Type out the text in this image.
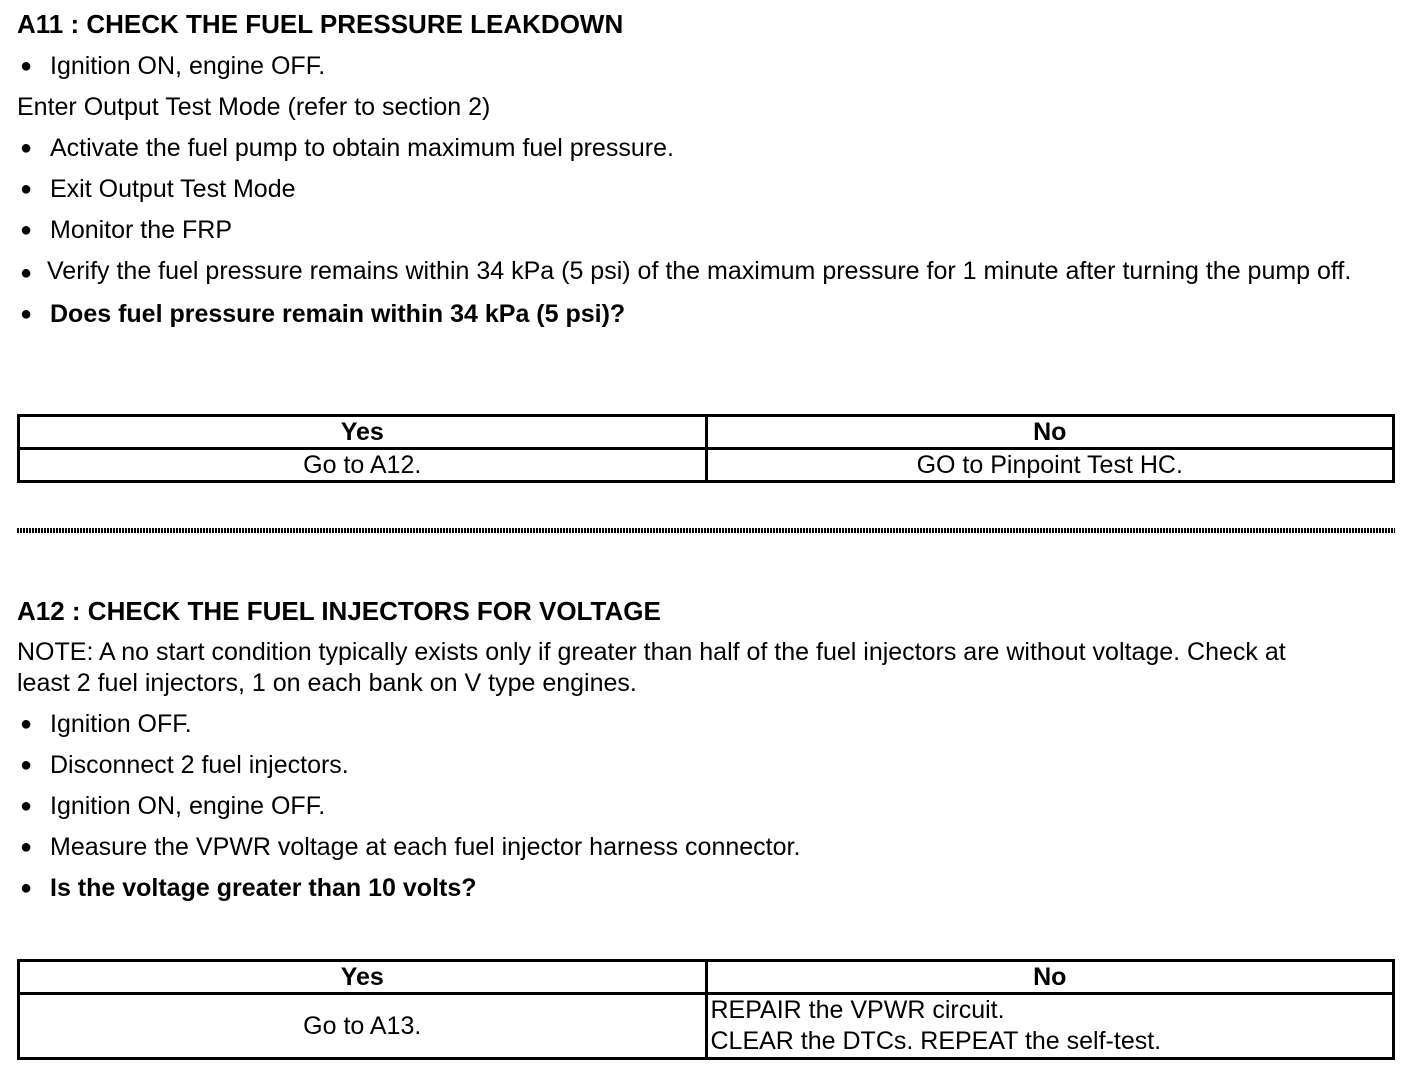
A11 : CHECK THE FUEL PRESSURE LEAKDOWN

● Ignition ON, engine OFF.

Enter Output Test Mode (refer to section 2)

● Activate the fuel pump to obtain maximum fuel pressure.

● Exit Output Test Mode

● Monitor the FRP

● Verify the fuel pressure remains within 34 kPa (5 psi) of the maximum pressure for 1 minute after turning the pump off.

● Does fuel pressure remain within 34 kPa (5 psi)?

Yes	No
Go to A12.	GO to Pinpoint Test HC.

A12 : CHECK THE FUEL INJECTORS FOR VOLTAGE

NOTE: A no start condition typically exists only if greater than half of the fuel injectors are without voltage. Check at least 2 fuel injectors, 1 on each bank on V type engines.

● Ignition OFF.

● Disconnect 2 fuel injectors.

● Ignition ON, engine OFF.

● Measure the VPWR voltage at each fuel injector harness connector.

● Is the voltage greater than 10 volts?

Yes	No
Go to A13.	REPAIR the VPWR circuit.
CLEAR the DTCs. REPEAT the self-test.
